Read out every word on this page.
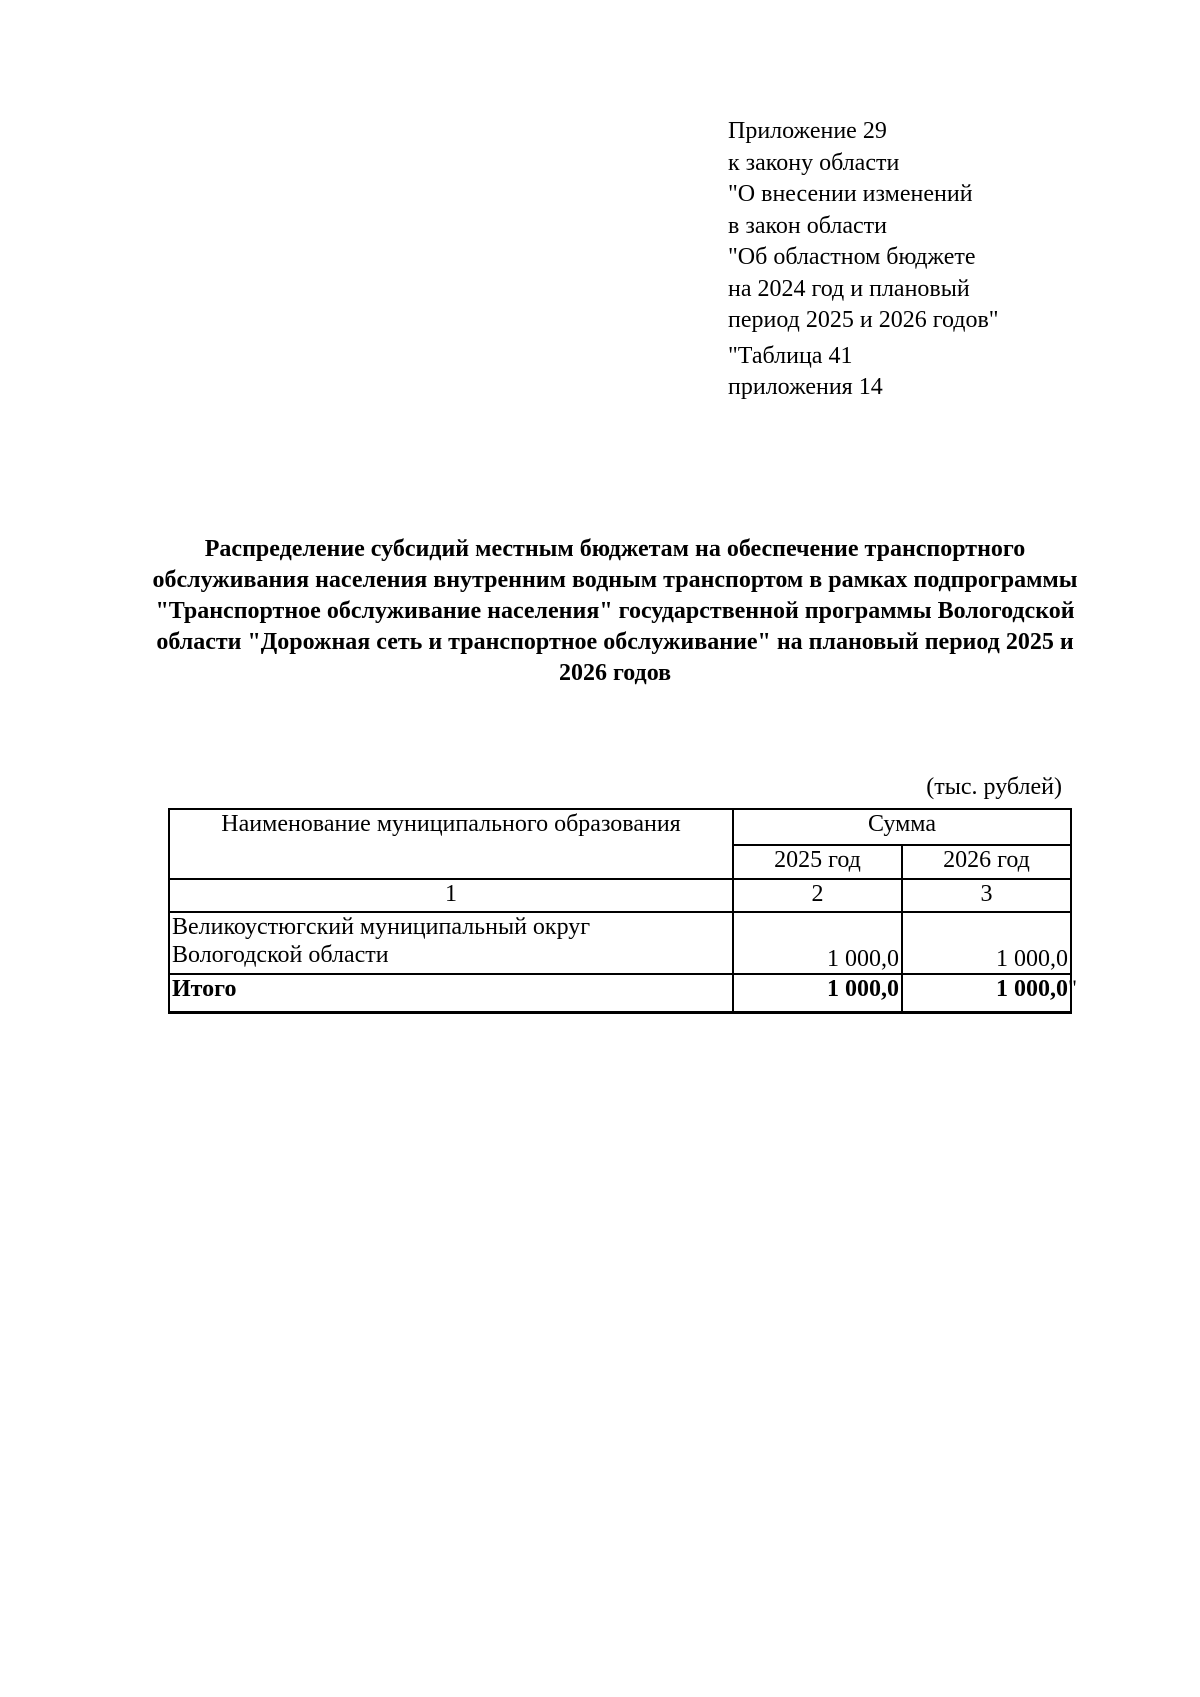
Приложение 29
к закону области
"О внесении изменений
в закон области
"Об областном бюджете
на 2024 год и плановый
период 2025 и 2026 годов"
"Таблица 41
приложения 14
Распределение субсидий местным бюджетам на обеспечение транспортного обслуживания населения внутренним водным транспортом в рамках подпрограммы "Транспортное обслуживание населения" государственной программы Вологодской области "Дорожная сеть и транспортное обслуживание" на плановый период 2025 и 2026 годов
(тыс. рублей)
Наименование муниципального образования	Сумма	
	2025 год	2026 год
1	2	3

Великоустюгский муниципальный округ
Вологодской области	1 000,0	1 000,0
Итого	1 000,0	1 000,0 "
